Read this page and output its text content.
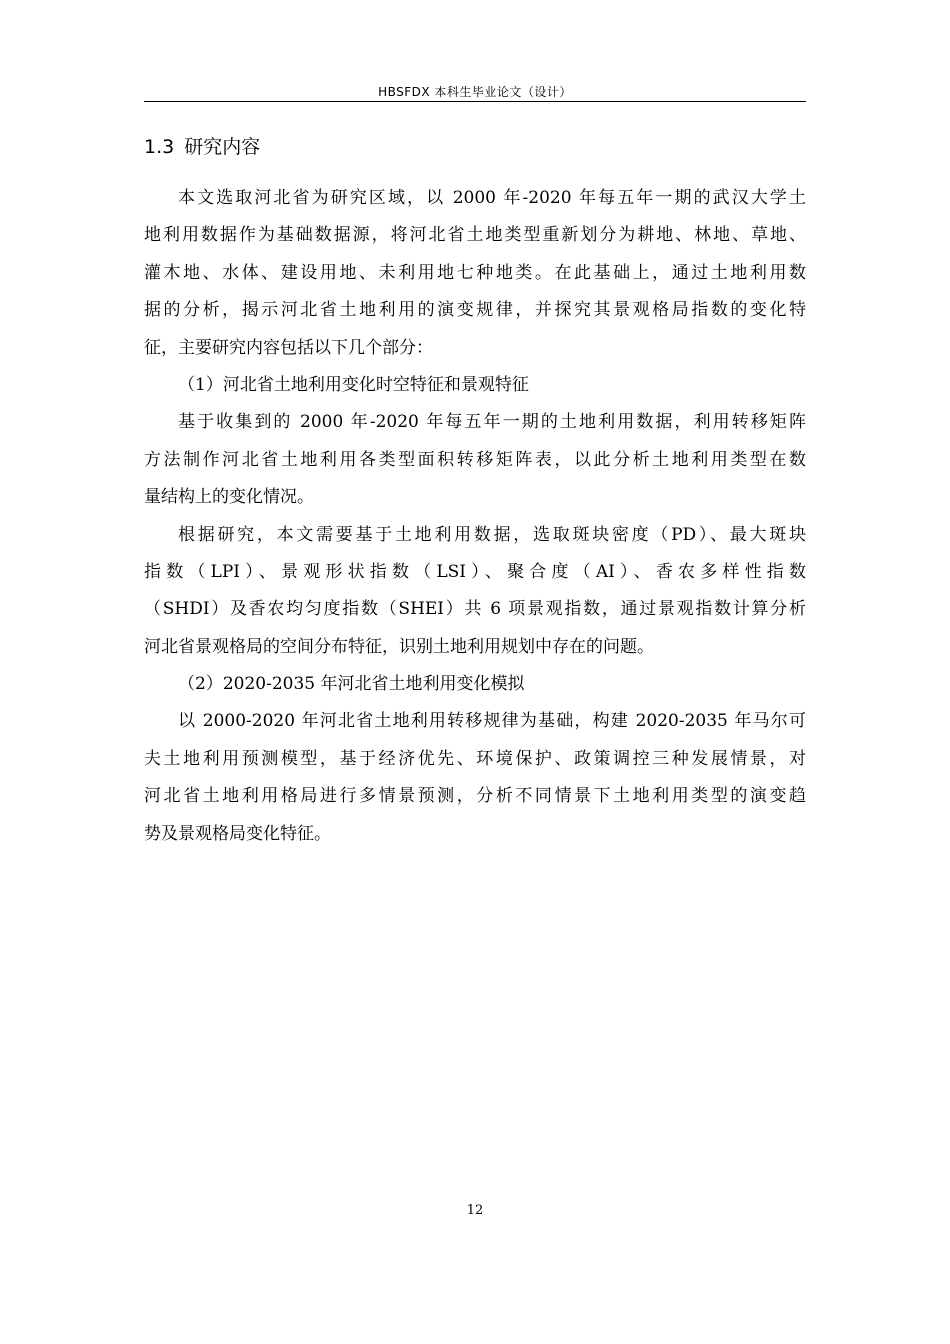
HBSFDX 本科生毕业论文（设计）
1.3 研究内容
本文选取河北省为研究区域，以 2000 年-2020 年每五年一期的武汉大学土
地利用数据作为基础数据源，将河北省土地类型重新划分为耕地、林地、草地、
灌木地、水体、建设用地、未利用地七种地类。在此基础上，通过土地利用数
据的分析，揭示河北省土地利用的演变规律，并探究其景观格局指数的变化特
征，主要研究内容包括以下几个部分：
（1）河北省土地利用变化时空特征和景观特征
基于收集到的 2000 年-2020 年每五年一期的土地利用数据，利用转移矩阵
方法制作河北省土地利用各类型面积转移矩阵表，以此分析土地利用类型在数
量结构上的变化情况。
根据研究，本文需要基于土地利用数据，选取斑块密度（PD）、最大斑块
指数（LPI）、景观形状指数（LSI）、聚合度（AI）、香农多样性指数
（SHDI）及香农均匀度指数（SHEI）共 6 项景观指数，通过景观指数计算分析
河北省景观格局的空间分布特征，识别土地利用规划中存在的问题。
（2）2020-2035 年河北省土地利用变化模拟
以 2000-2020 年河北省土地利用转移规律为基础，构建 2020-2035 年马尔可
夫土地利用预测模型，基于经济优先、环境保护、政策调控三种发展情景，对
河北省土地利用格局进行多情景预测，分析不同情景下土地利用类型的演变趋
势及景观格局变化特征。
12
